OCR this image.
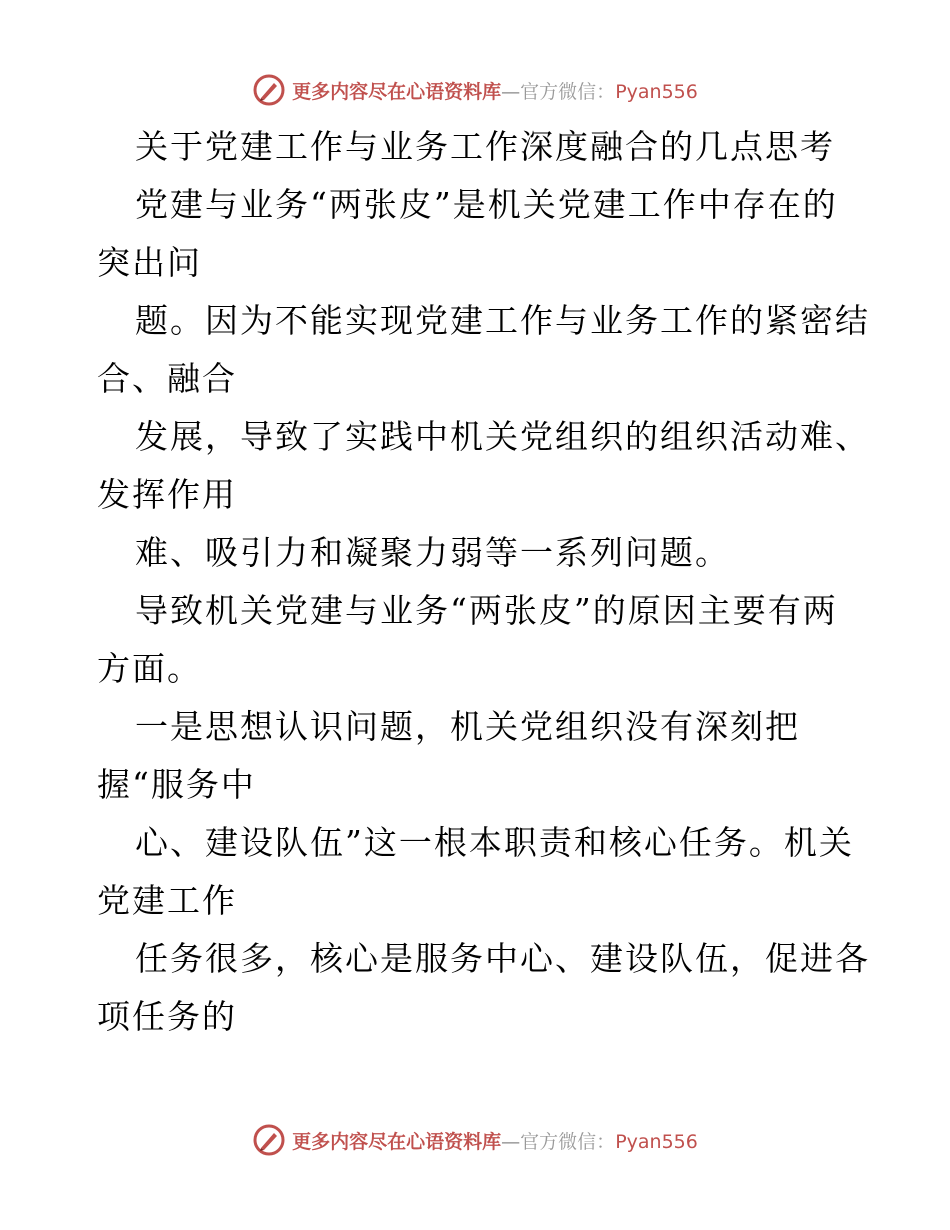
更多内容尽在心语资料库—官方微信：Pyan556
关于党建工作与业务工作深度融合的几点思考
党建与业务“两张皮”是机关党建工作中存在的
突出问
题。因为不能实现党建工作与业务工作的紧密结
合、融合
发展，导致了实践中机关党组织的组织活动难、
发挥作用
难、吸引力和凝聚力弱等一系列问题。
导致机关党建与业务“两张皮”的原因主要有两
方面。
一是思想认识问题，机关党组织没有深刻把
握“服务中
心、建设队伍”这一根本职责和核心任务。机关
党建工作
任务很多，核心是服务中心、建设队伍，促进各
项任务的
更多内容尽在心语资料库—官方微信：Pyan556
